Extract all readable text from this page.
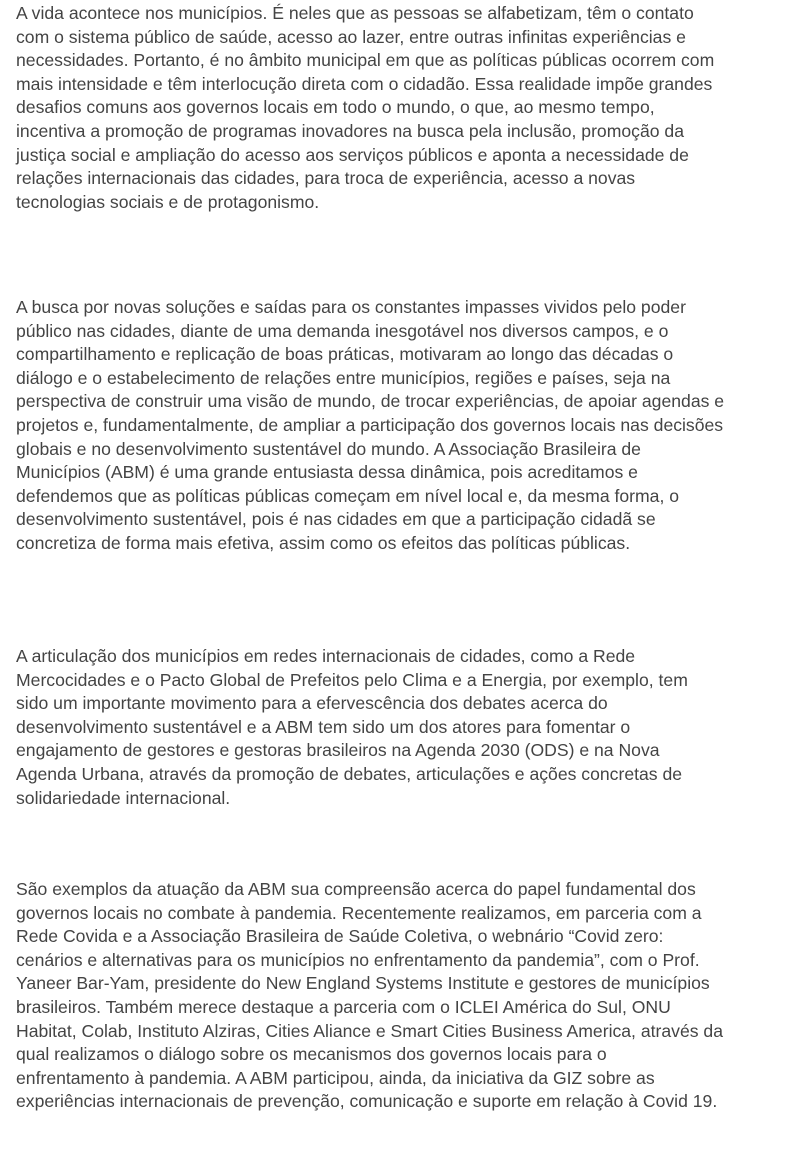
A vida acontece nos municípios. É neles que as pessoas se alfabetizam, têm o contato
com o sistema público de saúde, acesso ao lazer, entre outras infinitas experiências e
necessidades. Portanto, é no âmbito municipal em que as políticas públicas ocorrem com
mais intensidade e têm interlocução direta com o cidadão. Essa realidade impõe grandes
desafios comuns aos governos locais em todo o mundo, o que, ao mesmo tempo,
incentiva a promoção de programas inovadores na busca pela inclusão, promoção da
justiça social e ampliação do acesso aos serviços públicos e aponta a necessidade de
relações internacionais das cidades, para troca de experiência, acesso a novas
tecnologias sociais e de protagonismo.

A busca por novas soluções e saídas para os constantes impasses vividos pelo poder
público nas cidades, diante de uma demanda inesgotável nos diversos campos, e o
compartilhamento e replicação de boas práticas, motivaram ao longo das décadas o
diálogo e o estabelecimento de relações entre municípios, regiões e países, seja na
perspectiva de construir uma visão de mundo, de trocar experiências, de apoiar agendas e
projetos e, fundamentalmente, de ampliar a participação dos governos locais nas decisões
globais e no desenvolvimento sustentável do mundo. A Associação Brasileira de
Municípios (ABM) é uma grande entusiasta dessa dinâmica, pois acreditamos e
defendemos que as políticas públicas começam em nível local e, da mesma forma, o
desenvolvimento sustentável, pois é nas cidades em que a participação cidadã se
concretiza de forma mais efetiva, assim como os efeitos das políticas públicas.

A articulação dos municípios em redes internacionais de cidades, como a Rede
Mercocidades e o Pacto Global de Prefeitos pelo Clima e a Energia, por exemplo, tem
sido um importante movimento para a efervescência dos debates acerca do
desenvolvimento sustentável e a ABM tem sido um dos atores para fomentar o
engajamento de gestores e gestoras brasileiros na Agenda 2030 (ODS) e na Nova
Agenda Urbana, através da promoção de debates, articulações e ações concretas de
solidariedade internacional.

São exemplos da atuação da ABM sua compreensão acerca do papel fundamental dos
governos locais no combate à pandemia. Recentemente realizamos, em parceria com a
Rede Covida e a Associação Brasileira de Saúde Coletiva, o webnário “Covid zero:
cenários e alternativas para os municípios no enfrentamento da pandemia”, com o Prof.
Yaneer Bar-Yam, presidente do New England Systems Institute e gestores de municípios
brasileiros. Também merece destaque a parceria com o ICLEI América do Sul, ONU
Habitat, Colab, Instituto Alziras, Cities Aliance e Smart Cities Business America, através da
qual realizamos o diálogo sobre os mecanismos dos governos locais para o
enfrentamento à pandemia. A ABM participou, ainda, da iniciativa da GIZ sobre as
experiências internacionais de prevenção, comunicação e suporte em relação à Covid 19.
